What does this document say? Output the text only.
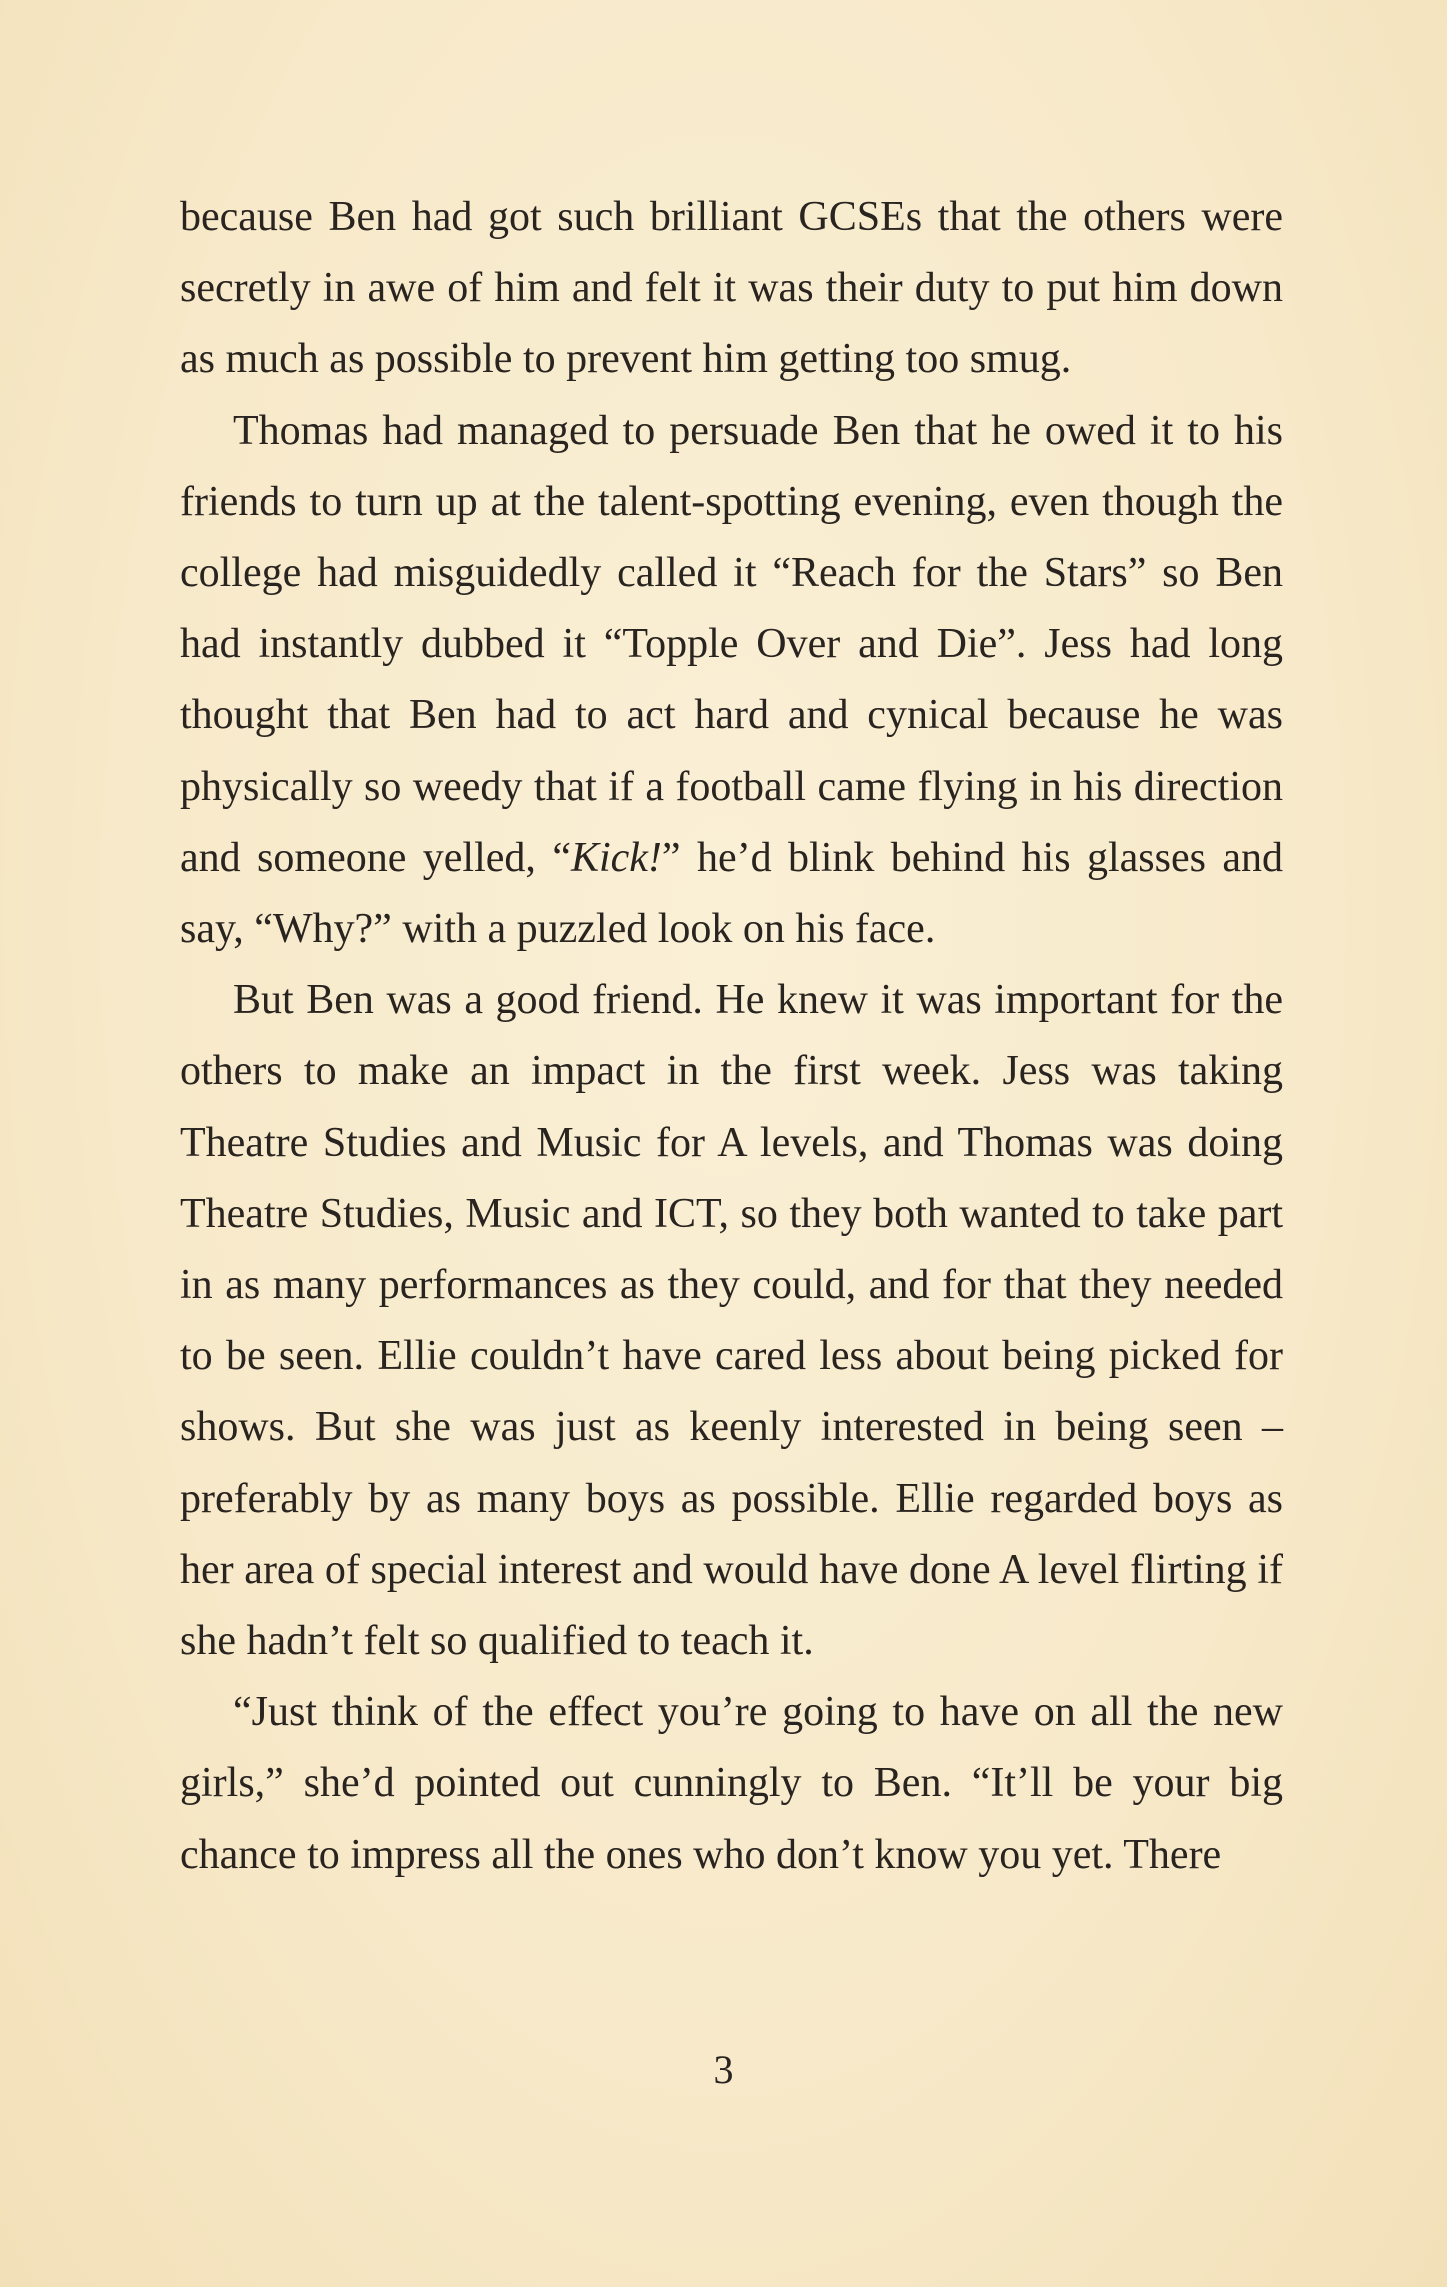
because Ben had got such brilliant GCSEs that the others were secretly in awe of him and felt it was their duty to put him down as much as possible to prevent him getting too smug.

Thomas had managed to persuade Ben that he owed it to his friends to turn up at the talent-spotting evening, even though the college had misguidedly called it “Reach for the Stars” so Ben had instantly dubbed it “Topple Over and Die”. Jess had long thought that Ben had to act hard and cynical because he was physically so weedy that if a football came flying in his direction and someone yelled, “Kick!” he’d blink behind his glasses and say, “Why?” with a puzzled look on his face.

But Ben was a good friend. He knew it was important for the others to make an impact in the first week. Jess was taking Theatre Studies and Music for A levels, and Thomas was doing Theatre Studies, Music and ICT, so they both wanted to take part in as many performances as they could, and for that they needed to be seen. Ellie couldn’t have cared less about being picked for shows. But she was just as keenly interested in being seen – preferably by as many boys as possible. Ellie regarded boys as her area of special interest and would have done A level flirting if she hadn’t felt so qualified to teach it.

“Just think of the effect you’re going to have on all the new girls,” she’d pointed out cunningly to Ben. “It’ll be your big chance to impress all the ones who don’t know you yet. There

3
